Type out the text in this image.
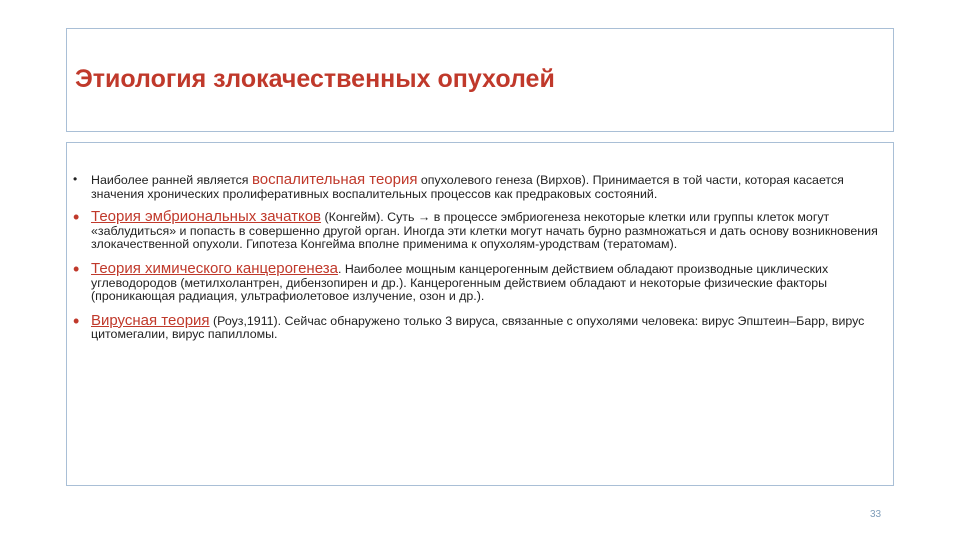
Этиология злокачественных опухолей
• Наиболее ранней является воспалительная теория опухолевого генеза (Вирхов). Принимается в той части, которая касается значения хронических пролиферативных воспалительных процессов как предраковых состояний.
• Теория эмбриональных зачатков (Конгейм). Суть → в процессе эмбриогенеза некоторые клетки или группы клеток могут «заблудиться» и попасть в совершенно другой орган. Иногда эти клетки могут начать бурно размножаться и дать основу возникновения злокачественной опухоли. Гипотеза Конгейма вполне применима к опухолям-уродствам (тератомам).
• Теория химического канцерогенеза. Наиболее мощным канцерогенным действием обладают производные циклических углеводородов (метилхолантрен, дибензопирен и др.). Канцерогенным действием обладают и некоторые физические факторы (проникающая радиация, ультрафиолетовое излучение, озон и др.).
• Вирусная теория (Роуз,1911). Сейчас обнаружено только 3 вируса, связанные с опухолями человека: вирус Эпштеин–Барр, вирус цитомегалии, вирус папилломы.
33
